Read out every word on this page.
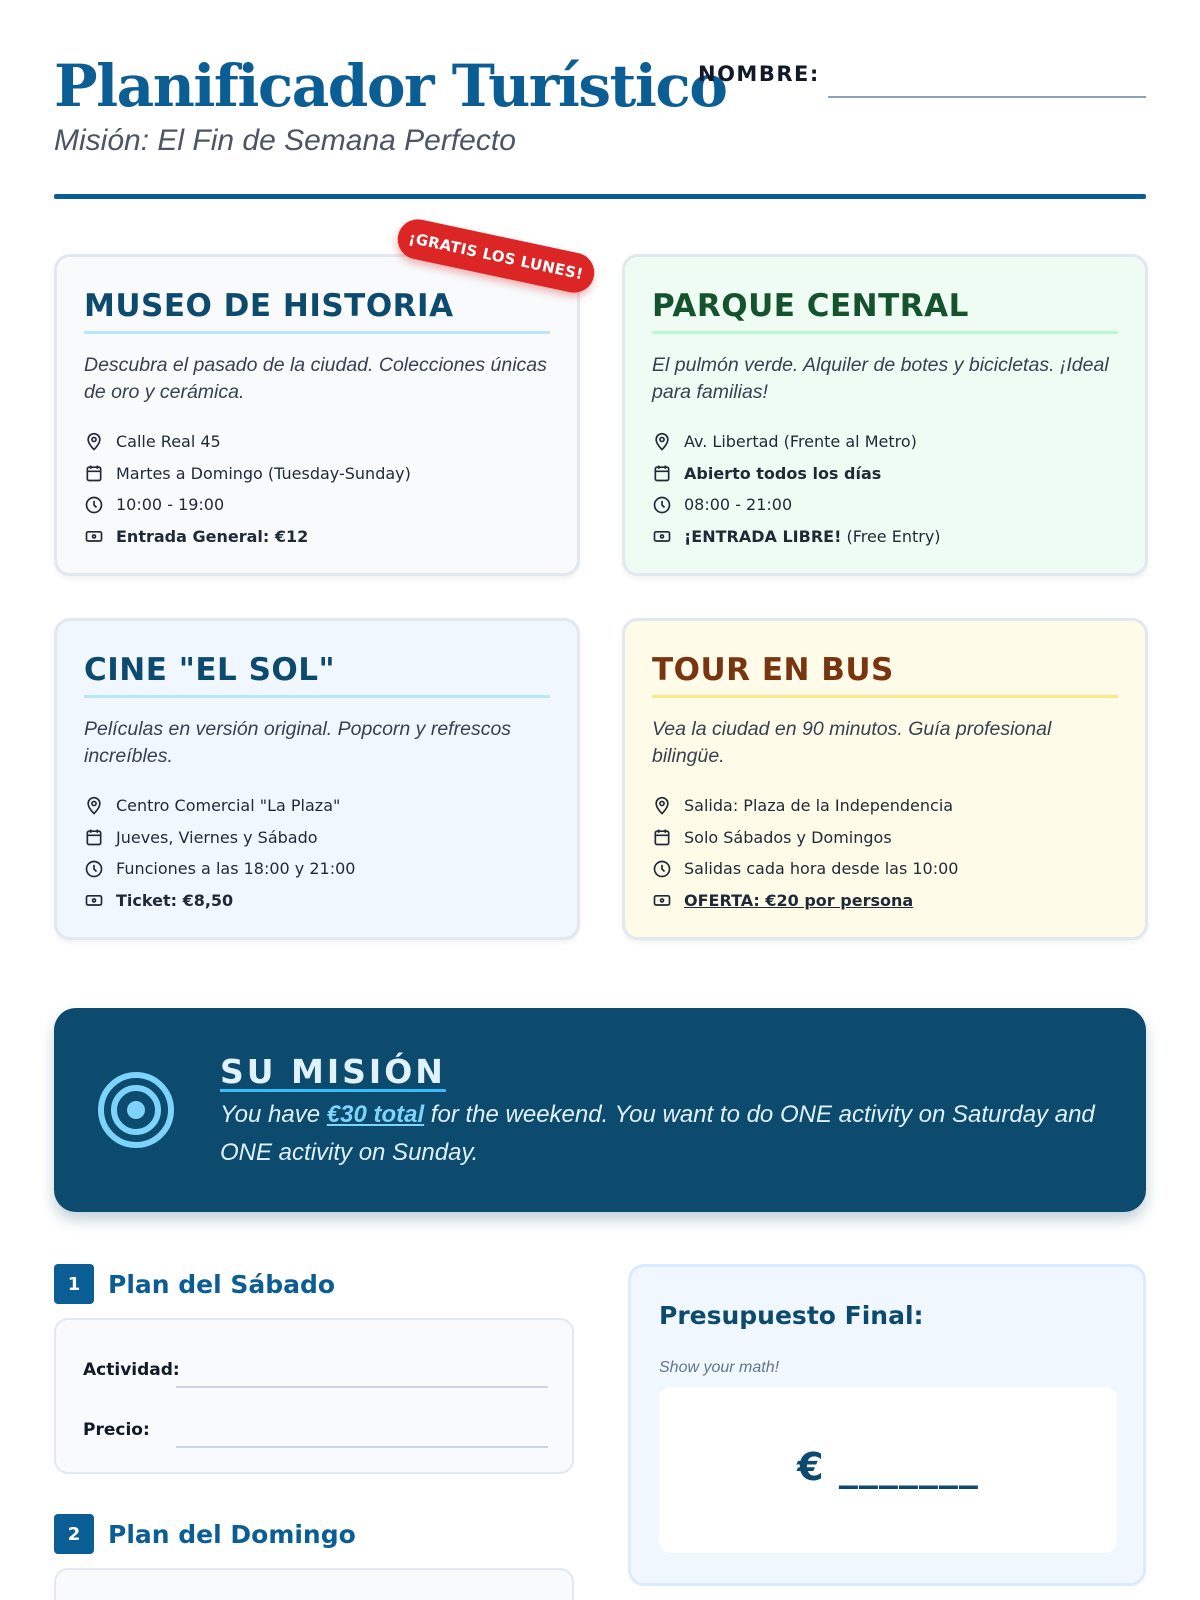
Planificador Turístico
Misión: El Fin de Semana Perfecto
NOMBRE:
MUSEO DE HISTORIA
Descubra el pasado de la ciudad. Colecciones únicas de oro y cerámica.
Calle Real 45
Martes a Domingo (Tuesday-Sunday)
10:00 - 19:00
Entrada General: €12
PARQUE CENTRAL
El pulmón verde. Alquiler de botes y bicicletas. ¡Ideal para familias!
Av. Libertad (Frente al Metro)
Abierto todos los días
08:00 - 21:00
¡ENTRADA LIBRE! (Free Entry)
CINE "EL SOL"
Películas en versión original. Popcorn y refrescos increíbles.
Centro Comercial "La Plaza"
Jueves, Viernes y Sábado
Funciones a las 18:00 y 21:00
Ticket: €8,50
TOUR EN BUS
Vea la ciudad en 90 minutos. Guía profesional bilingüe.
Salida: Plaza de la Independencia
Solo Sábados y Domingos
Salidas cada hora desde las 10:00
OFERTA: €20 por persona
¡GRATIS LOS LUNES!
SU MISIÓN
You have €30 total for the weekend. You want to do ONE activity on Saturday and ONE activity on Sunday.
1	Plan del Sábado
Actividad:
Precio:
2	Plan del Domingo
Presupuesto Final:
Show your math!
€ _______
